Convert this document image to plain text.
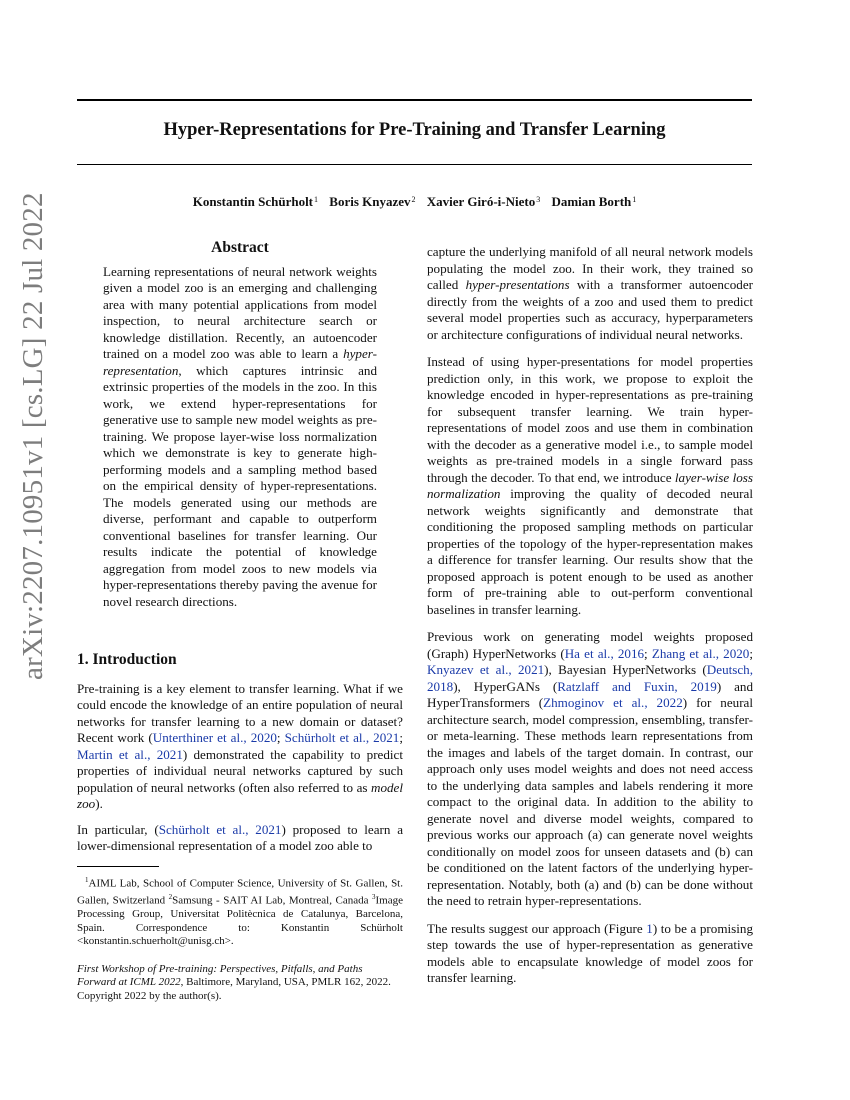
arXiv:2207.10951v1 [cs.LG] 22 Jul 2022
Hyper-Representations for Pre-Training and Transfer Learning
Konstantin Schürholt$^1$ Boris Knyazev$^2$ Xavier Giró-i-Nieto$^3$ Damian Borth$^1$
Abstract
Learning representations of neural network weights given a model zoo is an emerging and challenging area with many potential applications from model inspection, to neural architecture search or knowledge distillation. Recently, an autoencoder trained on a model zoo was able to learn a hyper-representation, which captures intrinsic and extrinsic properties of the models in the zoo. In this work, we extend hyper-representations for generative use to sample new model weights as pre-training. We propose layer-wise loss normalization which we demonstrate is key to generate high-performing models and a sampling method based on the empirical density of hyper-representations. The models generated using our methods are diverse, performant and capable to outperform conventional baselines for transfer learning. Our results indicate the potential of knowledge aggregation from model zoos to new models via hyper-representations thereby paving the avenue for novel research directions.
1. Introduction

Pre-training is a key element to transfer learning. What if we could encode the knowledge of an entire population of neural networks for transfer learning to a new domain or dataset? Recent work (Unterthiner et al., 2020; Schürholt et al., 2021; Martin et al., 2021) demonstrated the capability to predict properties of individual neural networks captured by such population of neural networks (often also referred to as model zoo).

In particular, (Schürholt et al., 2021) proposed to learn a lower-dimensional representation of a model zoo able to

$^1$AIML Lab, School of Computer Science, University of St. Gallen, St. Gallen, Switzerland $^2$Samsung - SAIT AI Lab, Montreal, Canada $^3$Image Processing Group, Universitat Politècnica de Catalunya, Barcelona, Spain. Correspondence to: Konstantin Schürholt <konstantin.schuerholt@unisg.ch>.
First Workshop of Pre-training: Perspectives, Pitfalls, and Paths Forward at ICML 2022, Baltimore, Maryland, USA, PMLR 162, 2022. Copyright 2022 by the author(s).

capture the underlying manifold of all neural network models populating the model zoo. In their work, they trained so called hyper-presentations with a transformer autoencoder directly from the weights of a zoo and used them to predict several model properties such as accuracy, hyperparameters or architecture configurations of individual neural networks.

Instead of using hyper-presentations for model properties prediction only, in this work, we propose to exploit the knowledge encoded in hyper-representations as pre-training for subsequent transfer learning. We train hyper-representations of model zoos and use them in combination with the decoder as a generative model i.e., to sample model weights as pre-trained models in a single forward pass through the decoder. To that end, we introduce layer-wise loss normalization improving the quality of decoded neural network weights significantly and demonstrate that conditioning the proposed sampling methods on particular properties of the topology of the hyper-representation makes a difference for transfer learning. Our results show that the proposed approach is potent enough to be used as another form of pre-training able to out-perform conventional baselines in transfer learning.

Previous work on generating model weights proposed (Graph) HyperNetworks (Ha et al., 2016; Zhang et al., 2020; Knyazev et al., 2021), Bayesian HyperNetworks (Deutsch, 2018), HyperGANs (Ratzlaff and Fuxin, 2019) and HyperTransformers (Zhmoginov et al., 2022) for neural architecture search, model compression, ensembling, transfer- or meta-learning. These methods learn representations from the images and labels of the target domain. In contrast, our approach only uses model weights and does not need access to the underlying data samples and labels rendering it more compact to the original data. In addition to the ability to generate novel and diverse model weights, compared to previous works our approach (a) can generate novel weights conditionally on model zoos for unseen datasets and (b) can be conditioned on the latent factors of the underlying hyper-representation. Notably, both (a) and (b) can be done without the need to retrain hyper-representations.

The results suggest our approach (Figure 1) to be a promising step towards the use of hyper-representation as generative models able to encapsulate knowledge of model zoos for transfer learning.
